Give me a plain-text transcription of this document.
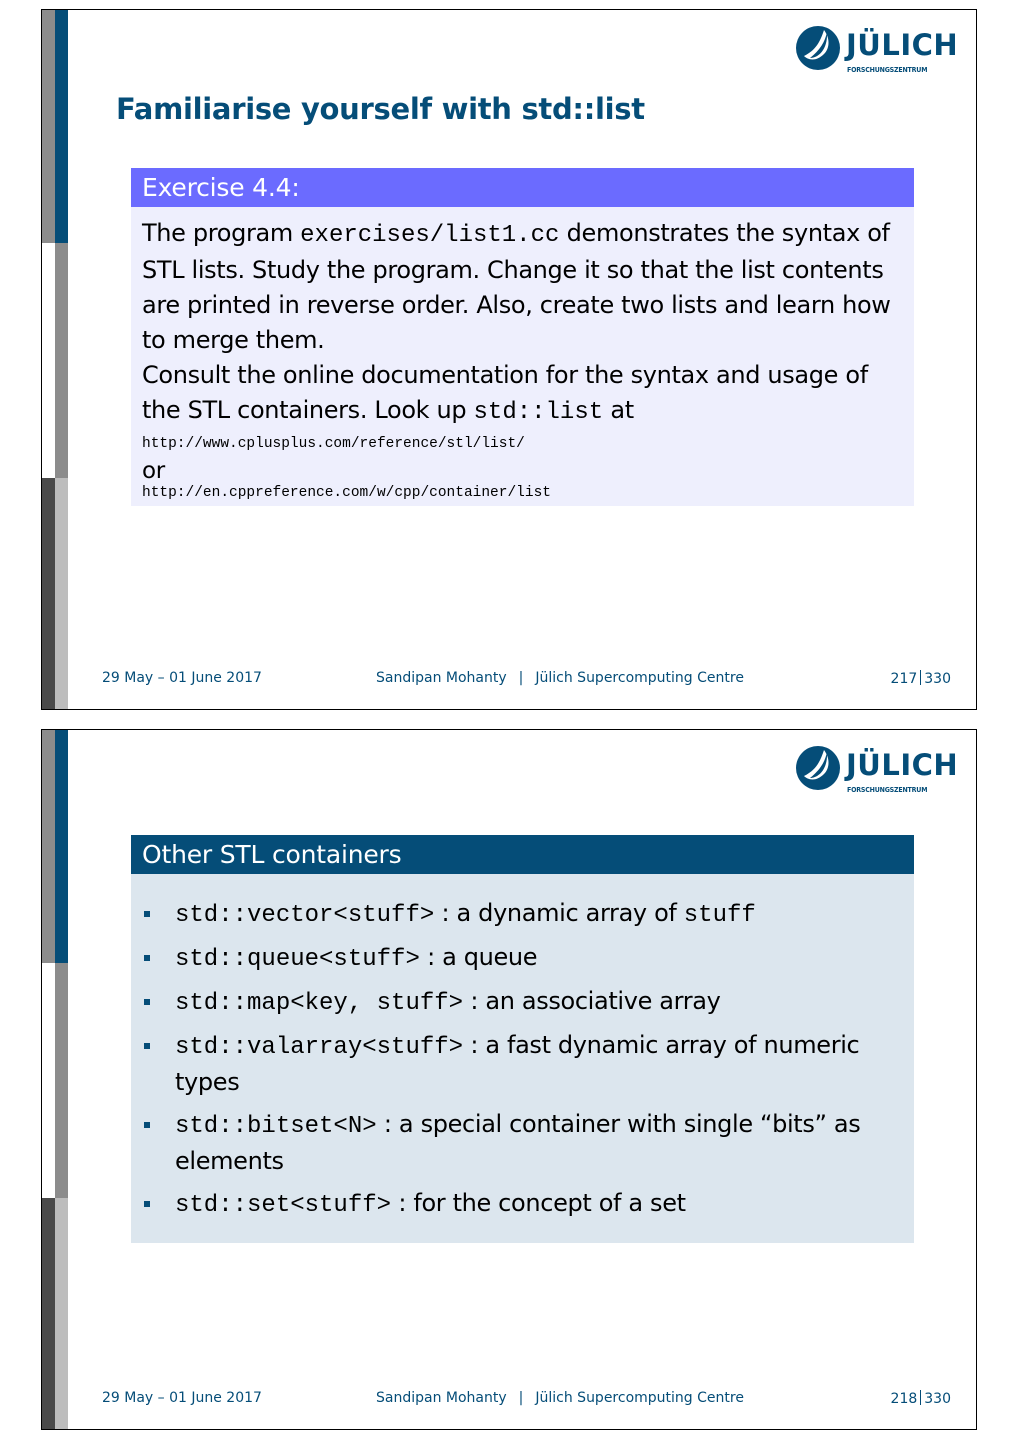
JÜLICH
FORSCHUNGSZENTRUM
Familiarise yourself with std::list
Exercise 4.4:
The program exercises/list1.cc demonstrates the syntax of STL lists. Study the program. Change it so that the list contents are printed in reverse order. Also, create two lists and learn how to merge them.
Consult the online documentation for the syntax and usage of the STL containers. Look up std::list at
http://www.cplusplus.com/reference/stl/list/
or
http://en.cppreference.com/w/cpp/container/list
29 May – 01 June 2017	Sandipan Mohanty | Jülich Supercomputing Centre	217 330
JÜLICH
FORSCHUNGSZENTRUM
Other STL containers
std::vector<stuff> : a dynamic array of stuff
std::queue<stuff> : a queue
std::map<key, stuff> : an associative array
std::valarray<stuff> : a fast dynamic array of numeric types
std::bitset<N> : a special container with single “bits” as elements
std::set<stuff> : for the concept of a set
29 May – 01 June 2017	Sandipan Mohanty | Jülich Supercomputing Centre	218 330
